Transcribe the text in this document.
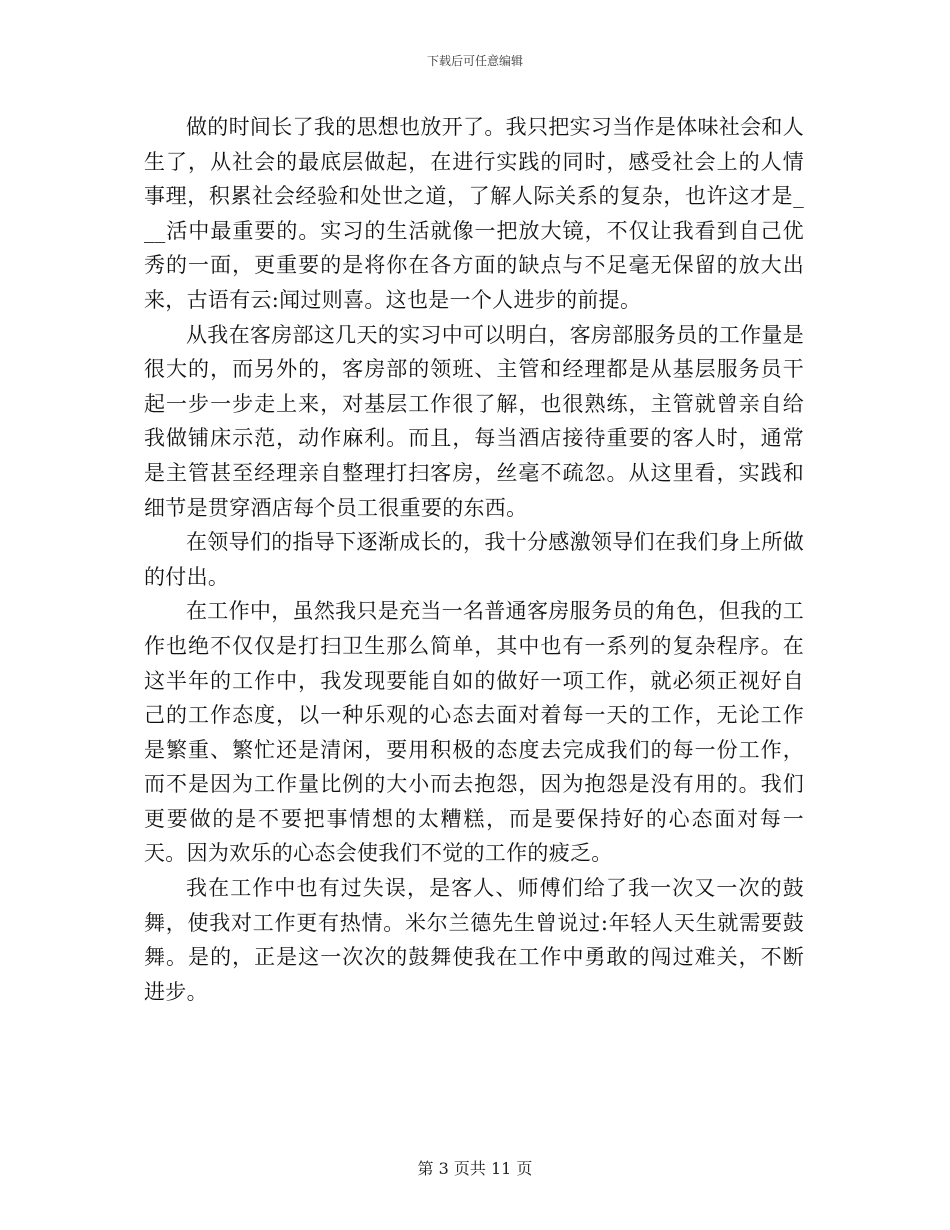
下载后可任意编辑

做的时间长了我的思想也放开了。我只把实习当作是体味社会和人生了，从社会的最底层做起，在进行实践的同时，感受社会上的人情事理，积累社会经验和处世之道，了解人际关系的复杂，也许这才是___活中最重要的。实习的生活就像一把放大镜，不仅让我看到自己优秀的一面，更重要的是将你在各方面的缺点与不足毫无保留的放大出来，古语有云:闻过则喜。这也是一个人进步的前提。

从我在客房部这几天的实习中可以明白，客房部服务员的工作量是很大的，而另外的，客房部的领班、主管和经理都是从基层服务员干起一步一步走上来，对基层工作很了解，也很熟练，主管就曾亲自给我做铺床示范，动作麻利。而且，每当酒店接待重要的客人时，通常是主管甚至经理亲自整理打扫客房，丝毫不疏忽。从这里看，实践和细节是贯穿酒店每个员工很重要的东西。

在领导们的指导下逐渐成长的，我十分感激领导们在我们身上所做的付出。

在工作中，虽然我只是充当一名普通客房服务员的角色，但我的工作也绝不仅仅是打扫卫生那么简单，其中也有一系列的复杂程序。在这半年的工作中，我发现要能自如的做好一项工作，就必须正视好自己的工作态度，以一种乐观的心态去面对着每一天的工作，无论工作是繁重、繁忙还是清闲，要用积极的态度去完成我们的每一份工作，而不是因为工作量比例的大小而去抱怨，因为抱怨是没有用的。我们更要做的是不要把事情想的太糟糕，而是要保持好的心态面对每一天。因为欢乐的心态会使我们不觉的工作的疲乏。

我在工作中也有过失误，是客人、师傅们给了我一次又一次的鼓舞，使我对工作更有热情。米尔兰德先生曾说过:年轻人天生就需要鼓舞。是的，正是这一次次的鼓舞使我在工作中勇敢的闯过难关，不断进步。

第 3 页共 11 页
